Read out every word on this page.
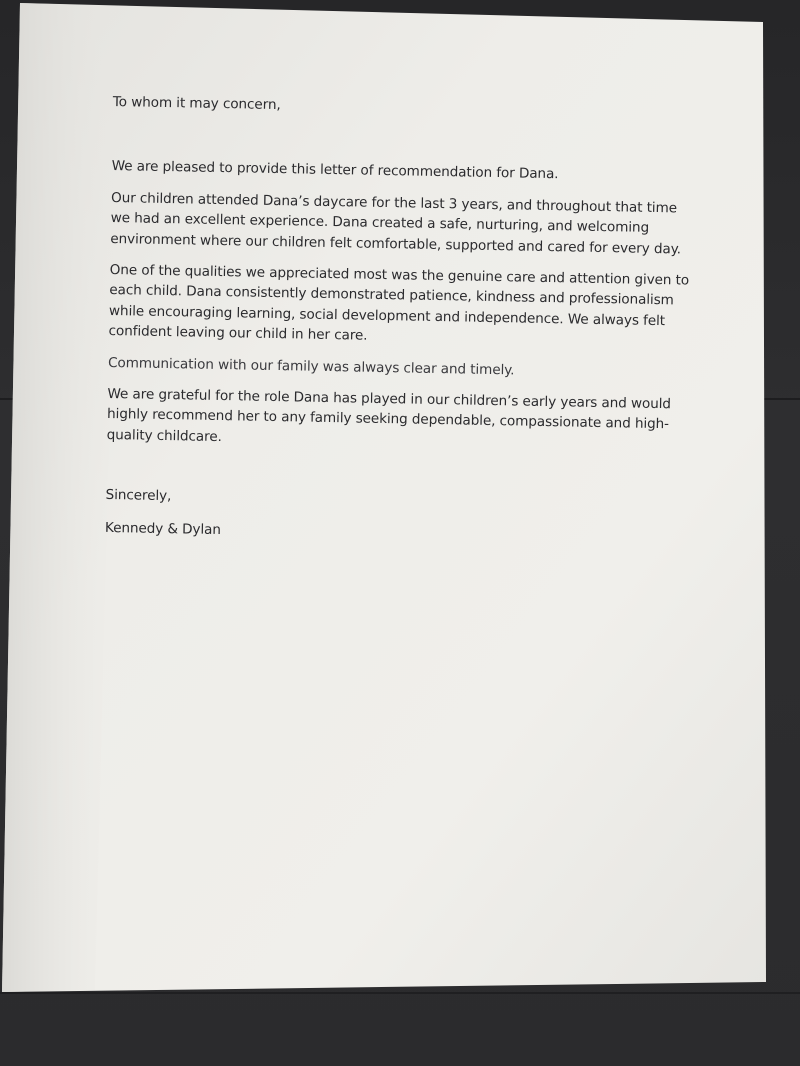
To whom it may concern,

We are pleased to provide this letter of recommendation for Dana.

Our children attended Dana’s daycare for the last 3 years, and throughout that time we had an excellent experience. Dana created a safe, nurturing, and welcoming environment where our children felt comfortable, supported and cared for every day.

One of the qualities we appreciated most was the genuine care and attention given to each child. Dana consistently demonstrated patience, kindness and professionalism while encouraging learning, social development and independence. We always felt confident leaving our child in her care.

Communication with our family was always clear and timely.

We are grateful for the role Dana has played in our children’s early years and would highly recommend her to any family seeking dependable, compassionate and high-quality childcare.

Sincerely,

Kennedy & Dylan
